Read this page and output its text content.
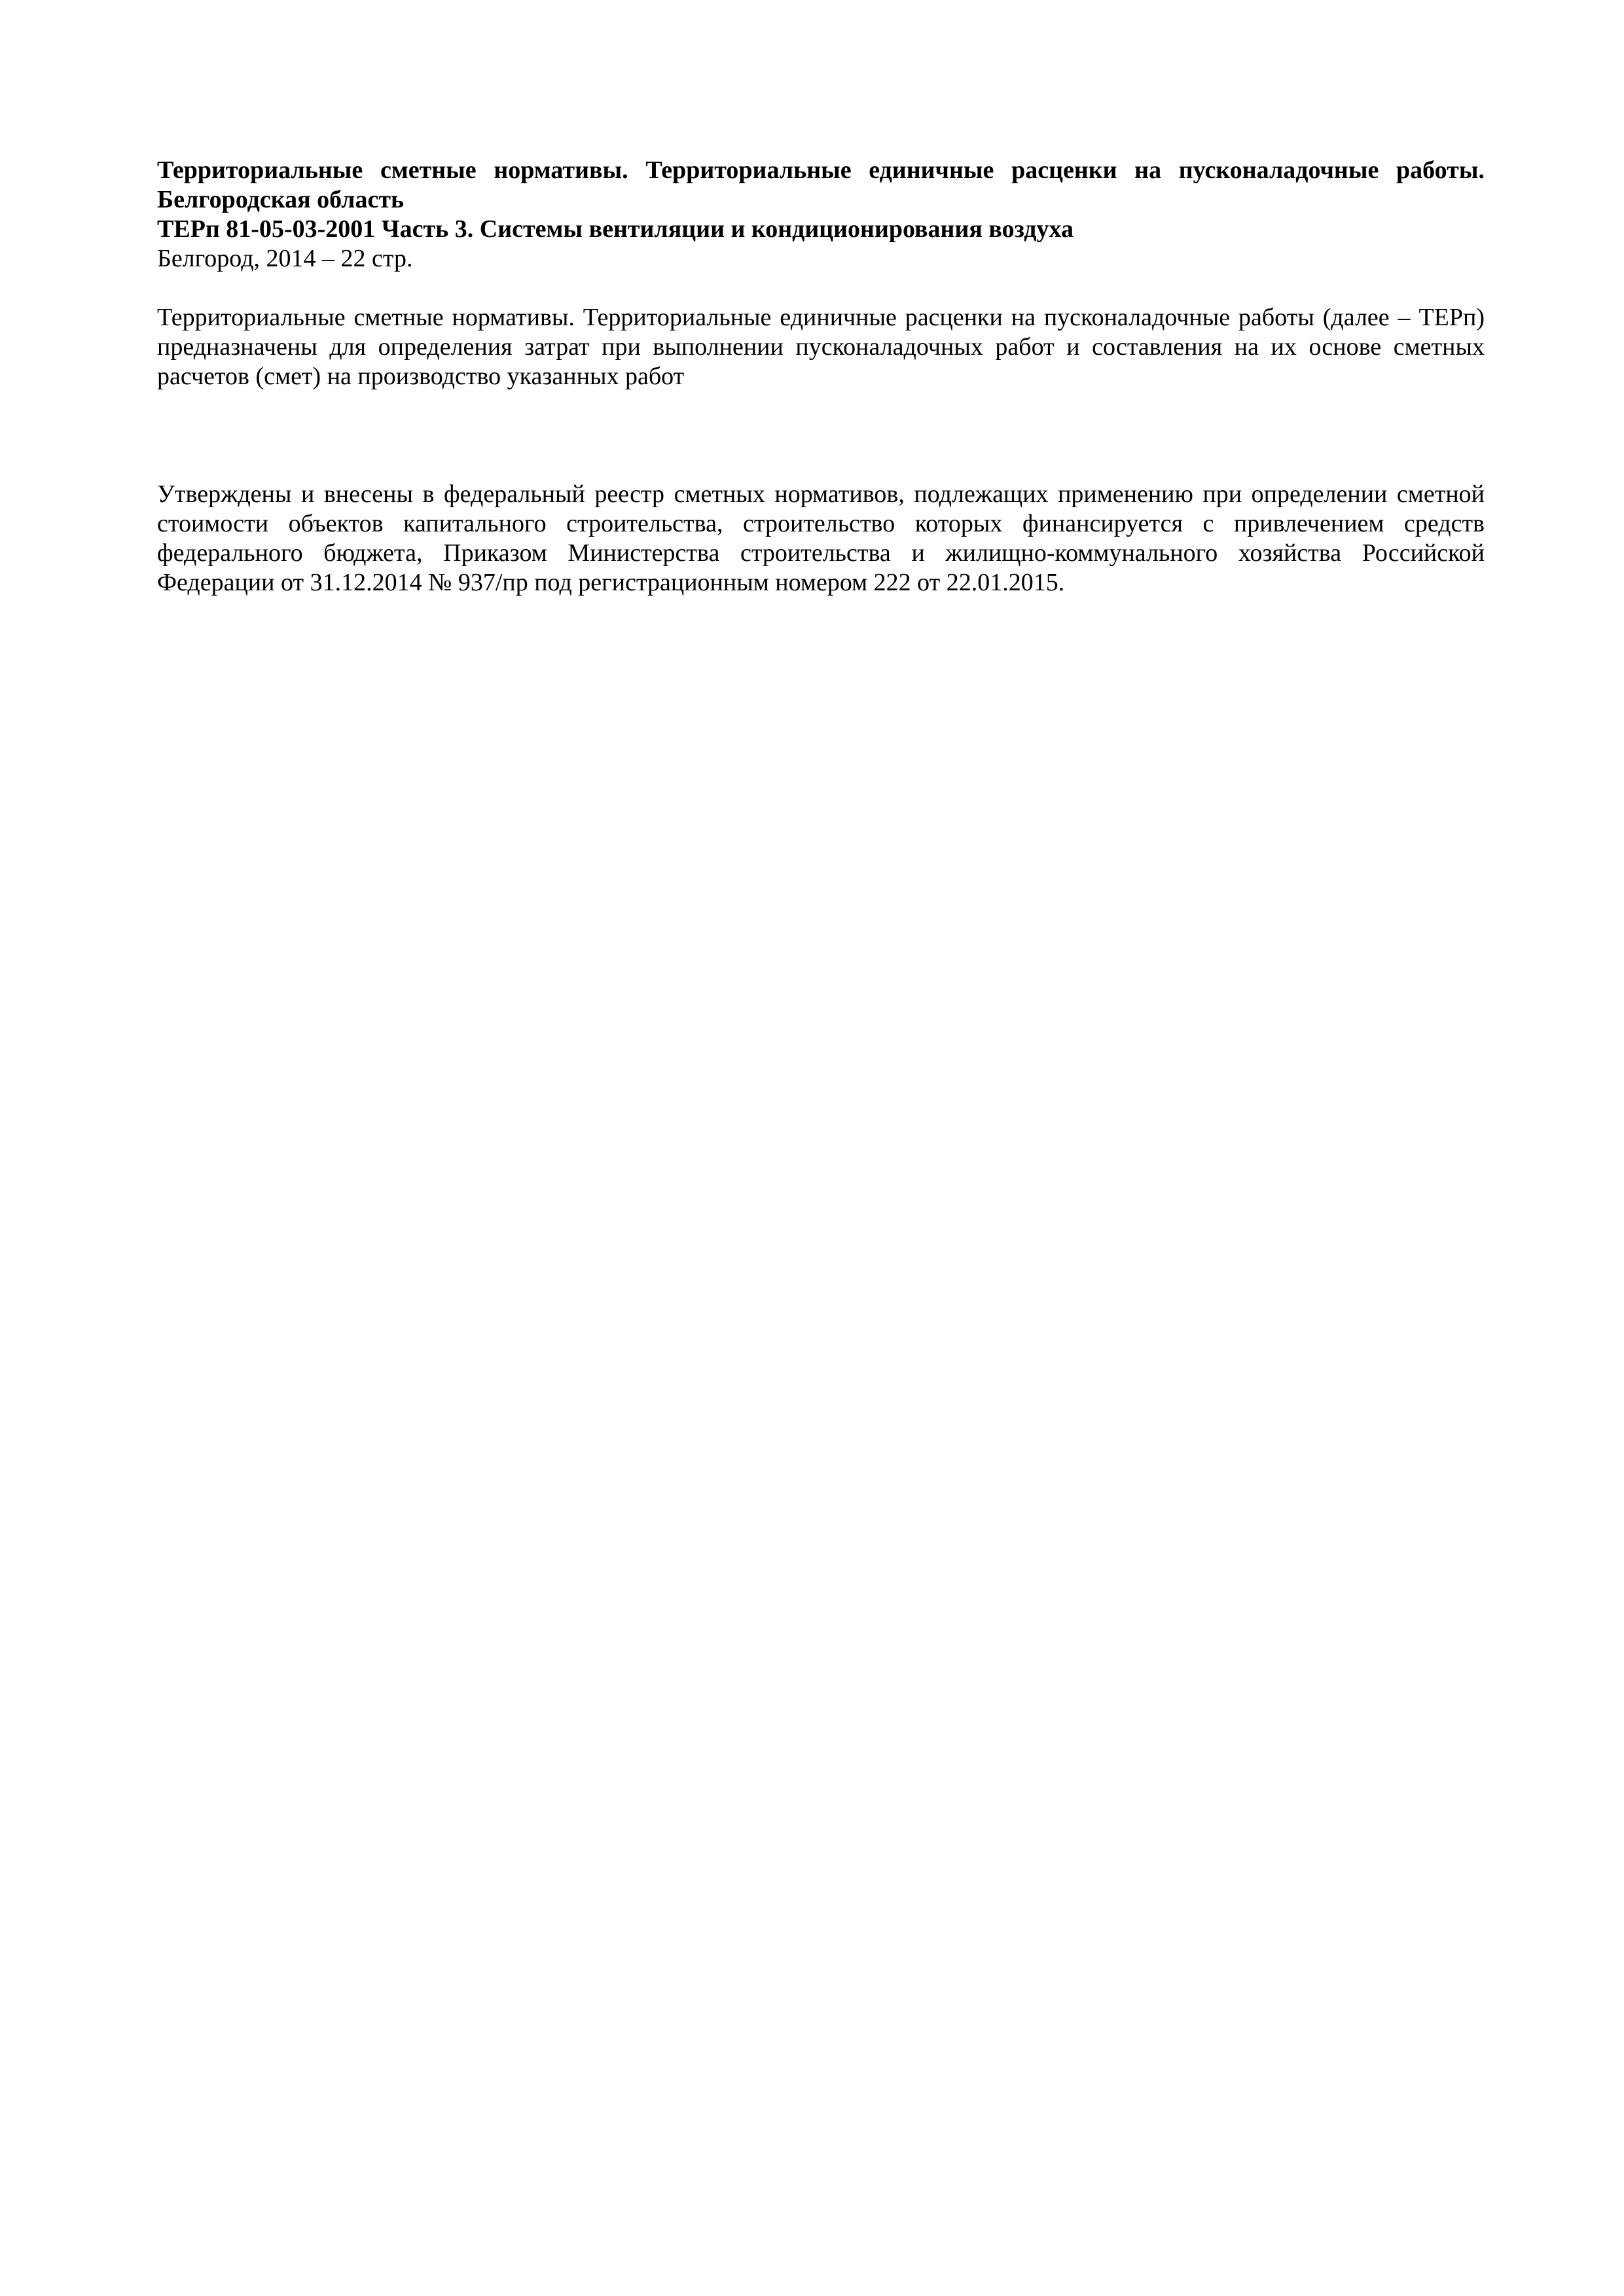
Территориальные сметные нормативы. Территориальные единичные расценки на пусконаладочные работы. Белгородская область

ТЕРп 81-05-03-2001 Часть 3. Системы вентиляции и кондиционирования воздуха

Белгород, 2014 – 22 стр.

Территориальные сметные нормативы. Территориальные единичные расценки на пусконаладочные работы (далее – ТЕРп) предназначены для определения затрат при выполнении пусконаладочных работ и составления на их основе сметных расчетов (смет) на производство указанных работ

Утверждены и внесены в федеральный реестр сметных нормативов, подлежащих применению при определении сметной стоимости объектов капитального строительства, строительство которых финансируется с привлечением средств федерального бюджета, Приказом Министерства строительства и жилищно-коммунального хозяйства Российской Федерации от 31.12.2014 № 937/пр под регистрационным номером 222 от 22.01.2015.
